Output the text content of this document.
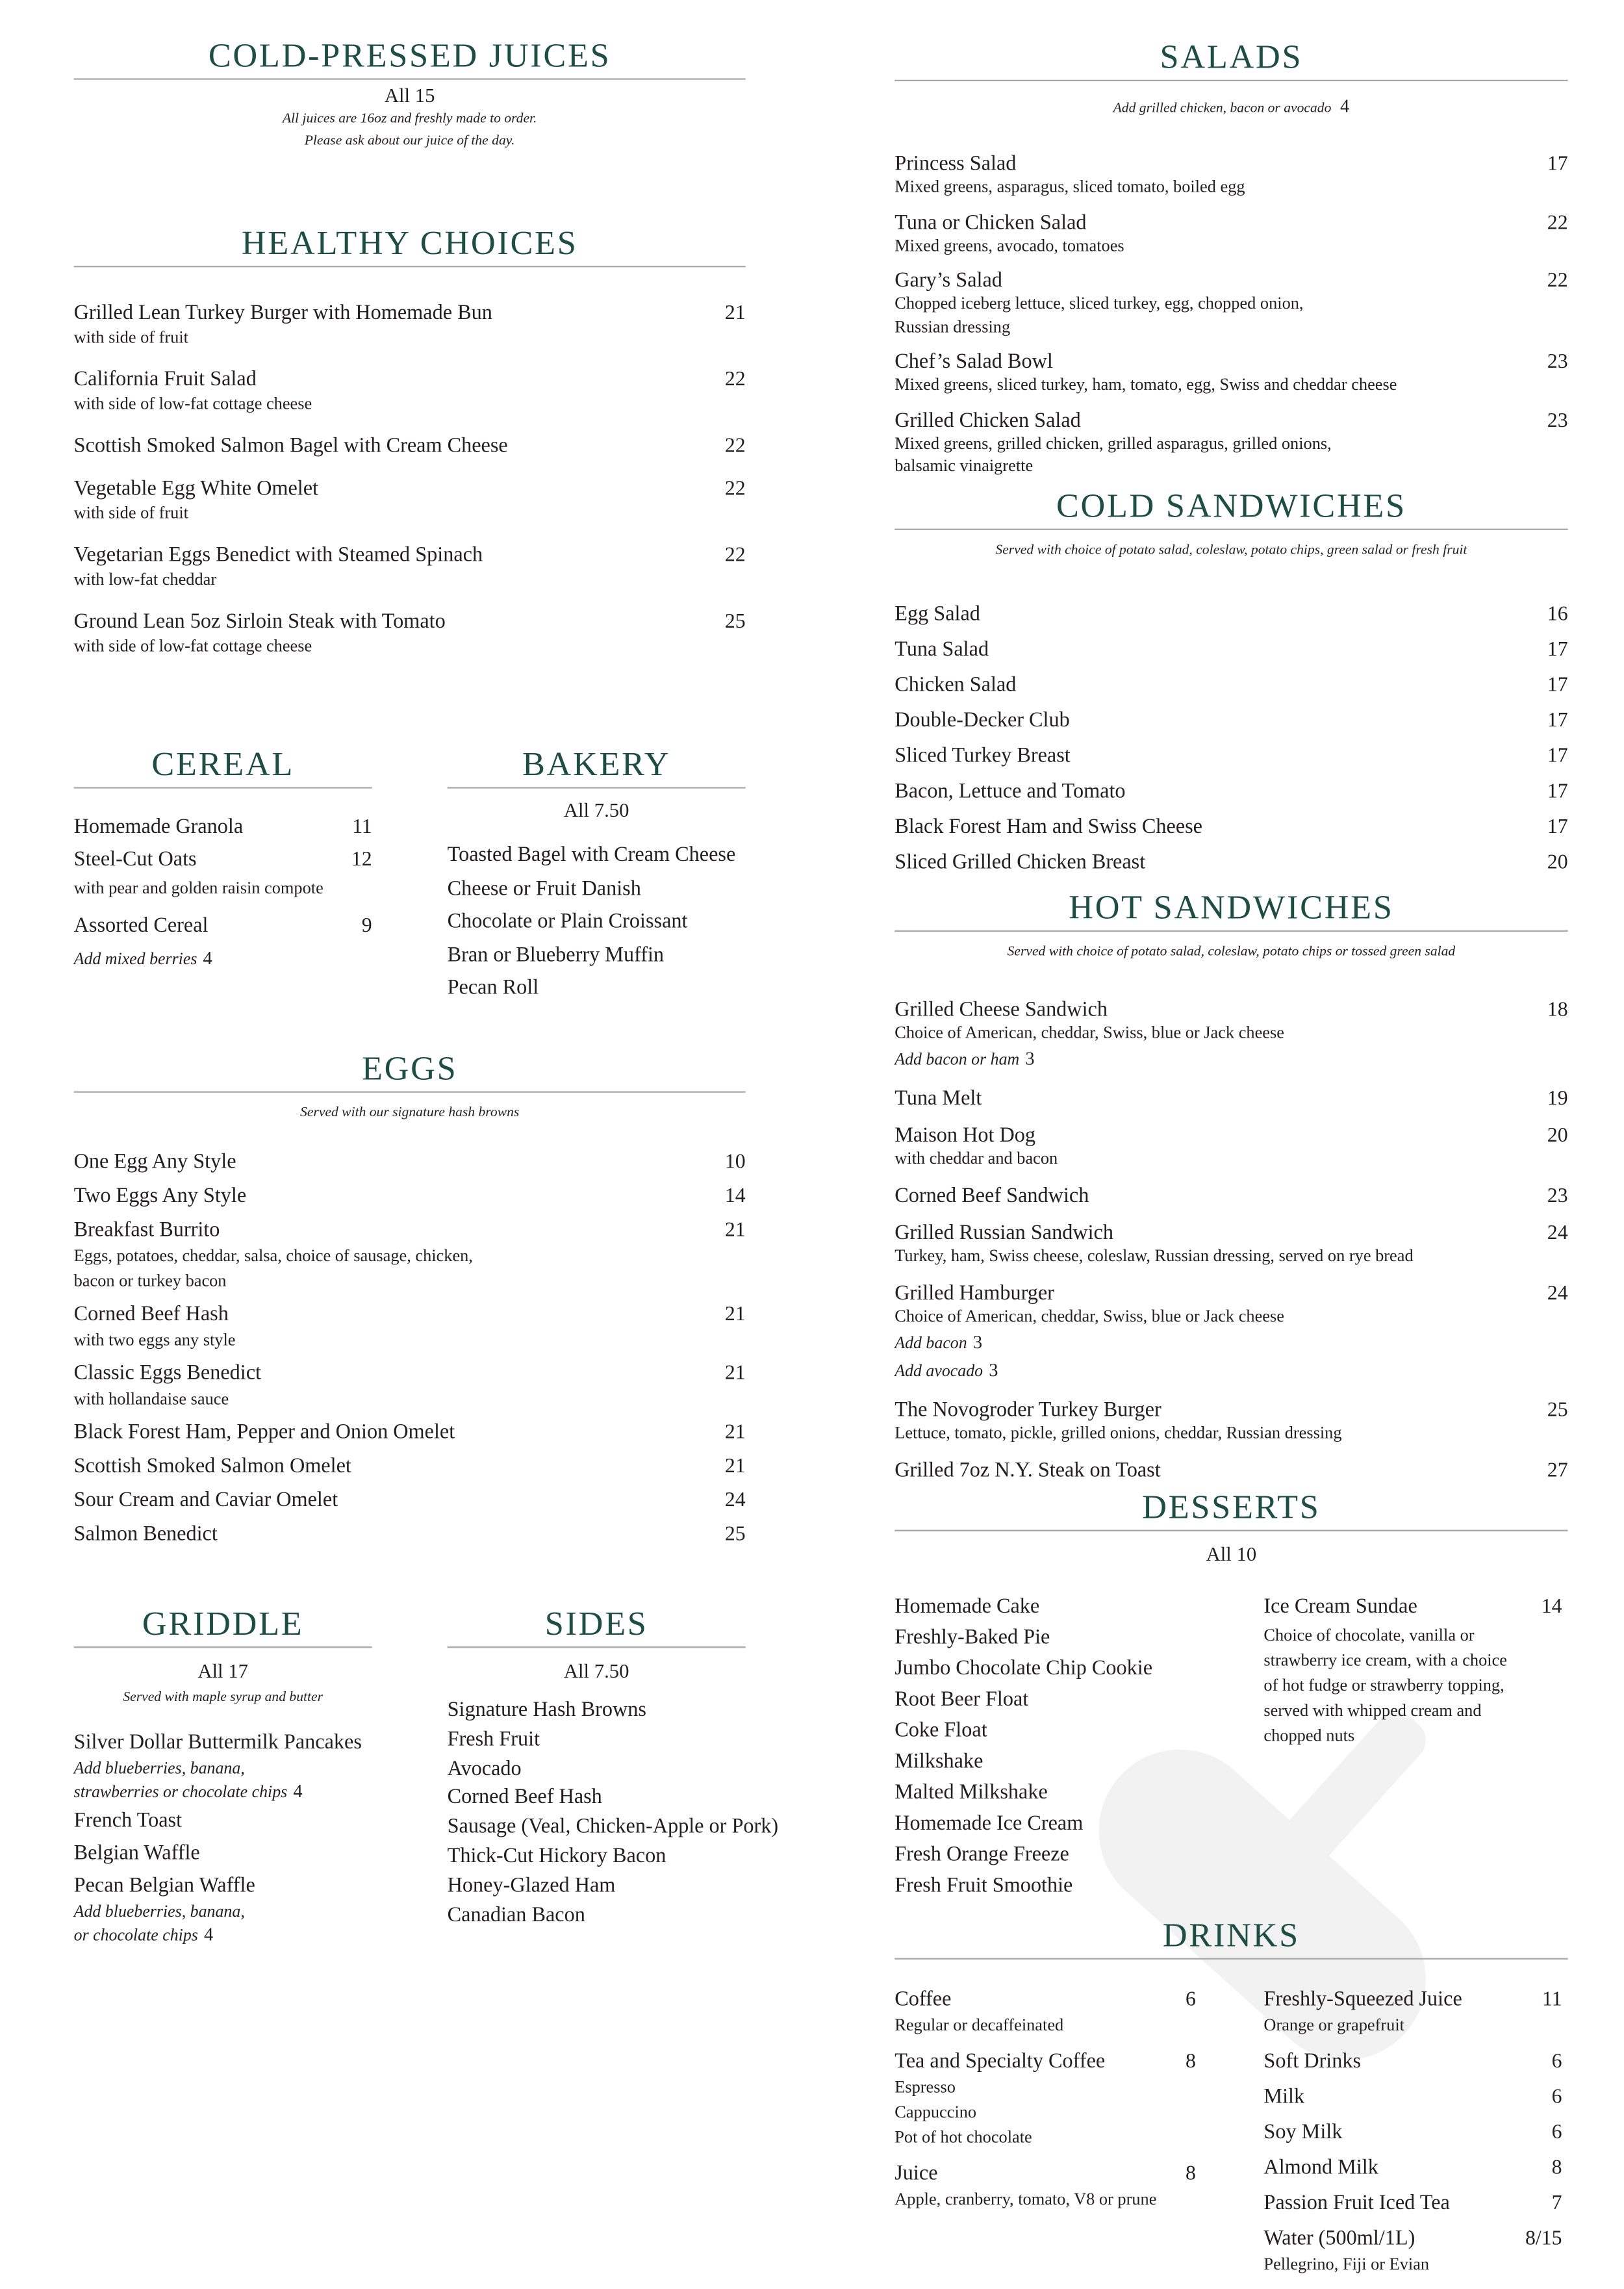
COLD-PRESSED JUICES
All 15
All juices are 16oz and freshly made to order.
Please ask about our juice of the day.
HEALTHY CHOICES
Grilled Lean Turkey Burger with Homemade Bun	21
with side of fruit
California Fruit Salad	22
with side of low-fat cottage cheese
Scottish Smoked Salmon Bagel with Cream Cheese	22
Vegetable Egg White Omelet	22
with side of fruit
Vegetarian Eggs Benedict with Steamed Spinach	22
with low-fat cheddar
Ground Lean 5oz Sirloin Steak with Tomato	25
with side of low-fat cottage cheese
CEREAL
Homemade Granola	11
Steel-Cut Oats	12
with pear and golden raisin compote
Assorted Cereal	9
Add mixed berries 4
BAKERY
All 7.50
Toasted Bagel with Cream Cheese
Cheese or Fruit Danish
Chocolate or Plain Croissant
Bran or Blueberry Muffin
Pecan Roll
EGGS
Served with our signature hash browns
One Egg Any Style	10
Two Eggs Any Style	14
Breakfast Burrito	21
Eggs, potatoes, cheddar, salsa, choice of sausage, chicken,
bacon or turkey bacon
Corned Beef Hash	21
with two eggs any style
Classic Eggs Benedict	21
with hollandaise sauce
Black Forest Ham, Pepper and Onion Omelet	21
Scottish Smoked Salmon Omelet	21
Sour Cream and Caviar Omelet	24
Salmon Benedict	25
GRIDDLE
All 17
Served with maple syrup and butter
Silver Dollar Buttermilk Pancakes
Add blueberries, banana,
strawberries or chocolate chips 4
French Toast
Belgian Waffle
Pecan Belgian Waffle
Add blueberries, banana,
or chocolate chips 4
SIDES
All 7.50
Signature Hash Browns
Fresh Fruit
Avocado
Corned Beef Hash
Sausage (Veal, Chicken-Apple or Pork)
Thick-Cut Hickory Bacon
Honey-Glazed Ham
Canadian Bacon
SALADS
Add grilled chicken, bacon or avocado 4
Princess Salad	17
Mixed greens, asparagus, sliced tomato, boiled egg
Tuna or Chicken Salad	22
Mixed greens, avocado, tomatoes
Gary’s Salad	22
Chopped iceberg lettuce, sliced turkey, egg, chopped onion,
Russian dressing
Chef’s Salad Bowl	23
Mixed greens, sliced turkey, ham, tomato, egg, Swiss and cheddar cheese
Grilled Chicken Salad	23
Mixed greens, grilled chicken, grilled asparagus, grilled onions,
balsamic vinaigrette
COLD SANDWICHES
Served with choice of potato salad, coleslaw, potato chips, green salad or fresh fruit
Egg Salad	16
Tuna Salad	17
Chicken Salad	17
Double-Decker Club	17
Sliced Turkey Breast	17
Bacon, Lettuce and Tomato	17
Black Forest Ham and Swiss Cheese	17
Sliced Grilled Chicken Breast	20
HOT SANDWICHES
Served with choice of potato salad, coleslaw, potato chips or tossed green salad
Grilled Cheese Sandwich	18
Choice of American, cheddar, Swiss, blue or Jack cheese
Add bacon or ham 3
Tuna Melt	19
Maison Hot Dog	20
with cheddar and bacon
Corned Beef Sandwich	23
Grilled Russian Sandwich	24
Turkey, ham, Swiss cheese, coleslaw, Russian dressing, served on rye bread
Grilled Hamburger	24
Choice of American, cheddar, Swiss, blue or Jack cheese
Add bacon 3
Add avocado 3
The Novogroder Turkey Burger	25
Lettuce, tomato, pickle, grilled onions, cheddar, Russian dressing
Grilled 7oz N.Y. Steak on Toast	27
DESSERTS
All 10
Homemade Cake
Freshly-Baked Pie
Jumbo Chocolate Chip Cookie
Root Beer Float
Coke Float
Milkshake
Malted Milkshake
Homemade Ice Cream
Fresh Orange Freeze
Fresh Fruit Smoothie
Ice Cream Sundae	14
Choice of chocolate, vanilla or
strawberry ice cream, with a choice
of hot fudge or strawberry topping,
served with whipped cream and
chopped nuts
DRINKS
Coffee	6
Regular or decaffeinated
Tea and Specialty Coffee	8
Espresso
Cappuccino
Pot of hot chocolate
Juice	8
Apple, cranberry, tomato, V8 or prune
Freshly-Squeezed Juice	11
Orange or grapefruit
Soft Drinks	6
Milk	6
Soy Milk	6
Almond Milk	8
Passion Fruit Iced Tea	7
Water (500ml/1L)	8/15
Pellegrino, Fiji or Evian
